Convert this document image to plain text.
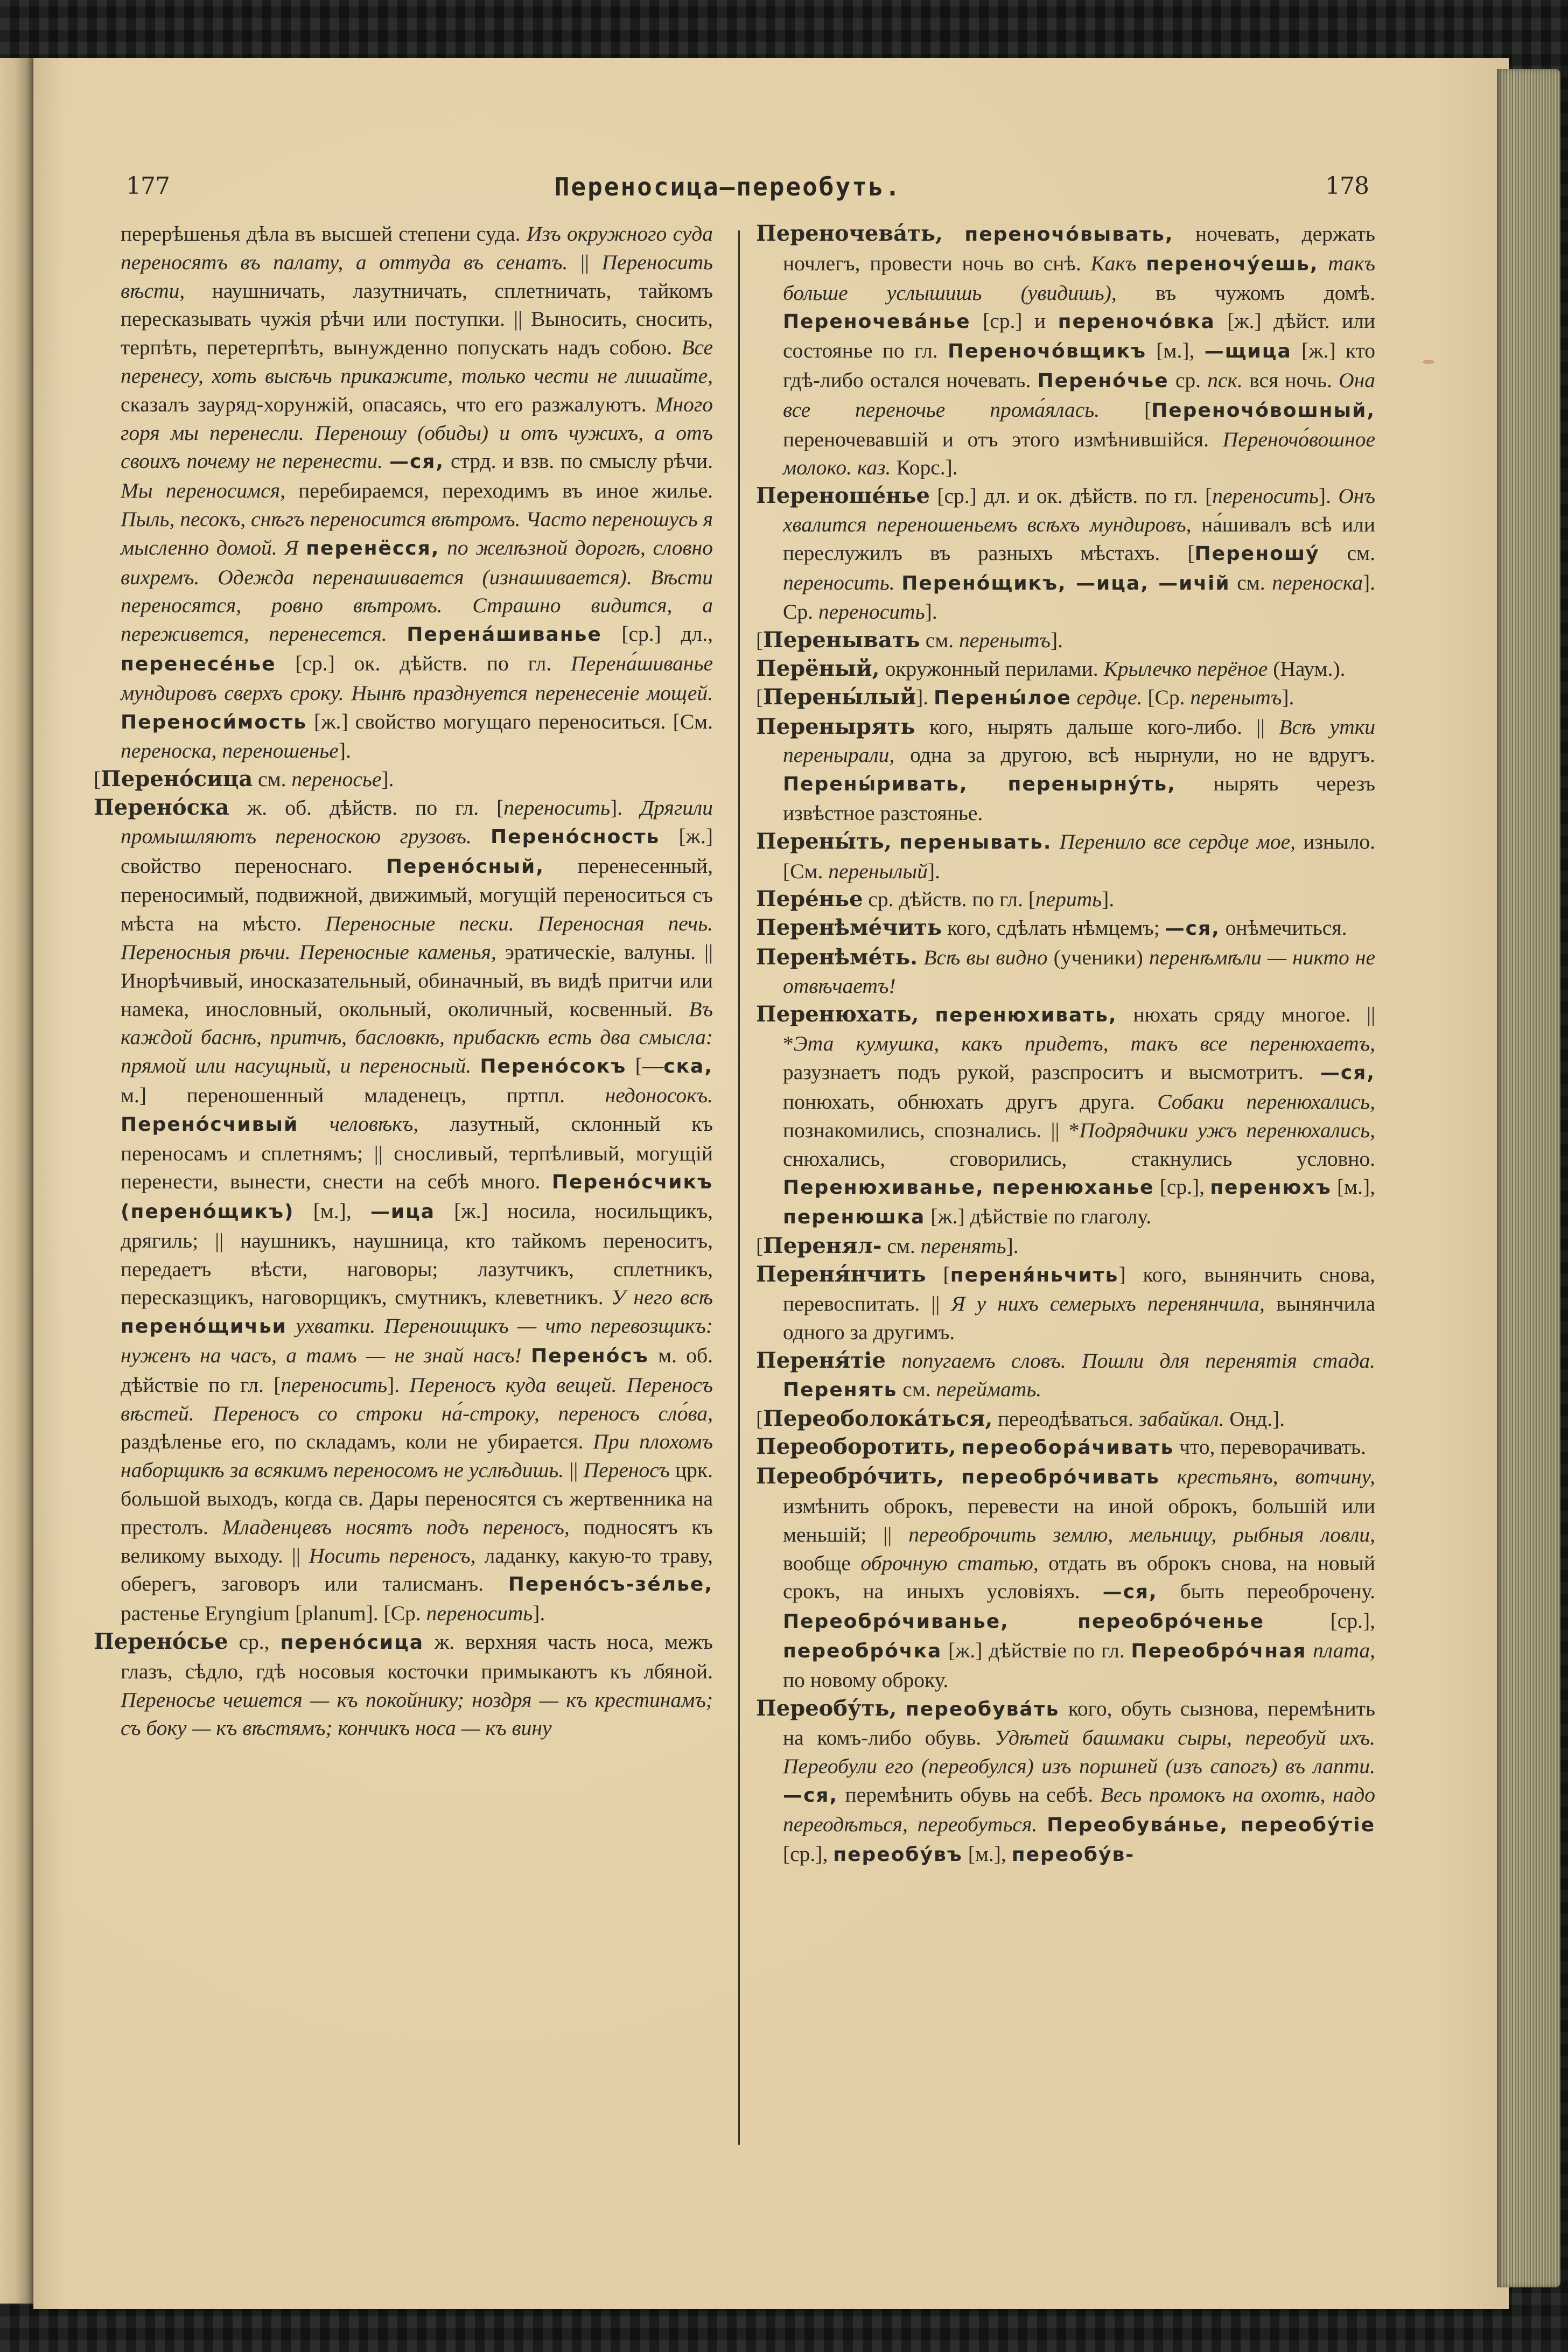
177	Переносица—переобуть.	178

перерѣшенья дѣла въ высшей степени суда. Изъ окружного суда переносятъ въ палату, а оттуда въ сенатъ. || Переносить вѣсти, наушничать, лазутничать, сплетничать, тайкомъ пересказывать чужія рѣчи или поступки. || Выносить, сносить, терпѣть, перетерпѣть, вынужденно попускать надъ собою. Все перенесу, хоть высѣчь прикажите, только чести не лишайте, сказалъ зауряд-хорунжій, опасаясь, что его разжалуютъ. Много горя мы перенесли. Переношу (обиды) и отъ чужихъ, а отъ своихъ почему не перенести. —ся, стрд. и взв. по смыслу рѣчи. Мы переносимся, перебираемся, переходимъ въ иное жилье. Пыль, песокъ, снѣгъ переносится вѣтромъ. Часто переношусь я мысленно домой. Я перенёсся, по желѣзной дорогѣ, словно вихремъ. Одежда перенашивается (изнашивается). Вѣсти переносятся, ровно вѣтромъ. Страшно видится, а переживется, перенесется. Перена́шиванье [ср.] дл., перенесе́нье [ср.] ок. дѣйств. по гл. Перена́шиванье мундировъ сверхъ сроку. Нынѣ празднуется перенесеніе мощей. Переноси́мость [ж.] свойство могущаго переноситься. [См. переноска, переношенье].

[Перено́сица см. переносье].

Перено́ска ж. об. дѣйств. по гл. [переносить]. Дрягили промышляютъ переноскою грузовъ. Перено́сность [ж.] свойство переноснаго. Перено́сный, перенесенный, переносимый, подвижной, движимый, могущій переноситься съ мѣста на мѣсто. Переносные пески. Переносная печь. Переносныя рѣчи. Переносные каменья, эратическіе, валуны. || Инорѣчивый, иносказательный, обиначный, въ видѣ притчи или намека, инословный, окольный, околичный, косвенный. Въ каждой баснѣ, притчѣ, басловкѣ, прибаскѣ есть два смысла: прямой или насущный, и переносный. Перено́сокъ [—ска, м.] переношенный младенецъ, пртпл. недоносокъ. Перено́счивый человѣкъ, лазутный, склонный къ переносамъ и сплетнямъ; || сносливый, терпѣливый, могущій перенести, вынести, снести на себѣ много. Перено́счикъ (перено́щикъ) [м.], —ица [ж.] носила, носильщикъ, дрягиль; || наушникъ, наушница, кто тайкомъ переноситъ, передаетъ вѣсти, наговоры; лазутчикъ, сплетникъ, пересказщикъ, наговорщикъ, смутникъ, клеветникъ. У него всѣ перено́щичьи ухватки. Переноищикъ — что перевозщикъ: нуженъ на часъ, а тамъ — не знай насъ! Перено́съ м. об. дѣйствіе по гл. [переносить]. Переносъ куда вещей. Переносъ вѣстей. Переносъ со строки на́-строку, переносъ сло́ва, раздѣленье его, по складамъ, коли не убирается. При плохомъ наборщикѣ за всякимъ переносомъ не услѣдишь. || Переносъ црк. большой выходъ, когда св. Дары переносятся съ жертвенника на престолъ. Младенцевъ носятъ подъ переносъ, подносятъ къ великому выходу. || Носить переносъ, ладанку, какую-то траву, оберегъ, заговоръ или талисманъ. Перено́съ-зе́лье, растенье Eryngium [planum]. [Ср. переносить].

Перено́сье ср., перено́сица ж. верхняя часть носа, межъ глазъ, сѣдло, гдѣ носовыя косточки примыкаютъ къ лбяной. Переносье чешется — къ покойнику; ноздря — къ крестинамъ; съ боку — къ вѣстямъ; кончикъ носа — къ вину

Переночева́ть, переночо́вывать, ночевать, держать ночлегъ, провести ночь во снѣ. Какъ переночу́ешь, такъ больше услышишь (увидишь), въ чужомъ домѣ. Переночева́нье [ср.] и переночо́вка [ж.] дѣйст. или состоянье по гл. Переночо́вщикъ [м.], —щица [ж.] кто гдѣ-либо остался ночевать. Перено́чье ср. пск. вся ночь. Она все переночье прома́ялась. [Переночо́вошный, переночевавшій и отъ этого измѣнившійся. Переночо́вошное молоко. каз. Корс.].

Переноше́нье [ср.] дл. и ок. дѣйств. по гл. [переносить]. Онъ хвалится переношеньемъ всѣхъ мундировъ, на́шивалъ всѣ или переслужилъ въ разныхъ мѣстахъ. [Переношу́ см. переносить. Перено́щикъ, —ица, —ичій см. переноска]. Ср. переносить].

[Перенывать см. перенытъ].

Перёный, окружонный перилами. Крылечко перёное (Наум.).

[Перены́лый]. Перены́лое сердце. [Ср. перенытъ].

Перенырять кого, нырять дальше кого-либо. || Всѣ утки перенырали, одна за другою, всѣ нырнули, но не вдругъ. Перены́ривать, перенырну́ть, нырять черезъ извѣстное разстоянье.

Перены́ть, перенывать. Перенило все сердце мое, изныло. [См. перенылый].

Пере́нье ср. дѣйств. по гл. [перить].

Перенѣме́чить кого, сдѣлать нѣмцемъ; —ся, онѣмечиться.

Перенѣме́ть. Всѣ вы видно (ученики) перенѣмѣли — никто не отвѣчаетъ!

Перенюхать, перенюхивать, нюхать сряду многое. || *Эта кумушка, какъ придетъ, такъ все перенюхаетъ, разузнаетъ подъ рукой, разспроситъ и высмотритъ. —ся, понюхать, обнюхать другъ друга. Собаки перенюхались, познакомились, спознались. || *Подрядчики ужъ перенюхались, снюхались, сговорились, стакнулись условно. Перенюхиванье, перенюханье [ср.], перенюхъ [м.], перенюшка [ж.] дѣйствіе по глаголу.

[Перенял- см. перенять].

Переня́нчить [переня́ньчить] кого, вынянчить снова, перевоспитать. || Я у нихъ семерыхъ перенянчила, вынянчила одного за другимъ.

Переня́тіе попугаемъ словъ. Пошли для перенятія стада. Перенять см. переймать.

[Переоболока́ться, переодѣваться. забайкал. Онд.].

Переоборотить, переобора́чивать что, переворачивать.

Переобро́чить, переобро́чивать крестьянъ, вотчину, измѣнить оброкъ, перевести на иной оброкъ, большій или меньшій; || переоброчить землю, мельницу, рыбныя ловли, вообще оброчную статью, отдать въ оброкъ снова, на новый срокъ, на иныхъ условіяхъ. —ся, быть переоброчену. Переобро́чиванье, переобро́ченье [ср.], переобро́чка [ж.] дѣйствіе по гл. Переобро́чная плата, по новому оброку.

Переобу́ть, переобува́ть кого, обуть сызнова, перемѣнить на комъ-либо обувь. Удѣтей башмаки сыры, переобуй ихъ. Переобули его (переобулся) изъ поршней (изъ сапогъ) въ лапти. —ся, перемѣнить обувь на себѣ. Весь промокъ на охотѣ, надо переодѣться, переобуться. Переобува́нье, переобу́тіе [ср.], переобу́въ [м.], переобу́в-
